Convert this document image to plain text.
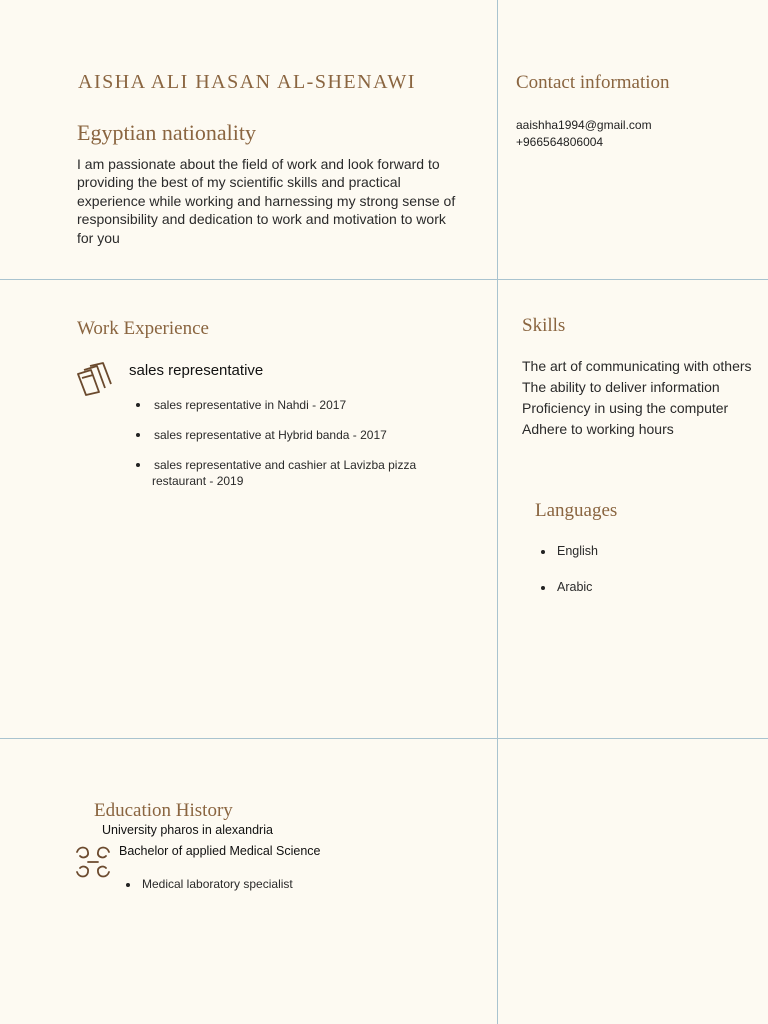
AISHA ALI HASAN AL-SHENAWI
Egyptian nationality

I am passionate about the field of work and look forward to providing the best of my scientific skills and practical experience while working and harnessing my strong sense of responsibility and dedication to work and motivation to work for you

Contact information
aaishha1994@gmail.com
+966564806004
Work Experience
sales representative
sales representative in Nahdi - 2017
sales representative at Hybrid banda - 2017
sales representative and cashier at Lavizba pizza restaurant - 2019
Skills
The art of communicating with others
The ability to deliver information
Proficiency in using the computer
Adhere to working hours
Languages
English
Arabic
Education History
University pharos in alexandria
Bachelor of applied Medical Science
Medical laboratory specialist
